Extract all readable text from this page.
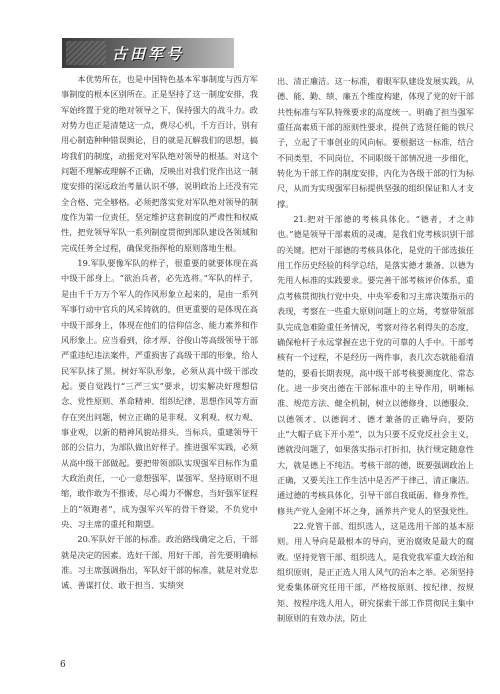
古田军号

本优势所在，也是中国特色基本军事制度与西方军事制度的根本区别所在。正是坚持了这一制度安排，我军始终置于党的绝对领导之下，保持强大的战斗力。政对势力也正是清楚这一点，费尽心机，千方百计，别有用心制造种种错误舆论，目的就是瓦解我们的思想，搞垮我们的制度，动摇党对军队绝对领导的根基。对这个问题不理解或理解不正确，反映出对我们党作出这一制度安排的深远政治考量认识不够，说明政治上还没有完全合格、完全够格。必须把落实党对军队绝对领导的制度作为第一位责任，坚定维护这套制度的严肃性和权威性，把党领导军队一系列制度贯彻到部队建设各领域和完成任务全过程，确保党指挥枪的原则落地生根。

19.军队要像军队的样子，很重要的就要体现在高中级干部身上。“欲治兵者，必先选将。”军队的样子，是由千千万万个军人的作风形象立起来的，是由一系列军事行动中官兵的风采铸就的，但更重要的是体现在高中级干部身上，体现在他们的信仰信念、能力素养和作风形象上。应当看到，徐才厚、谷俊山等高级领导干部严重违纪违法案件，严重损害了高级干部的形象，给人民军队抹了黑。树好军队形象，必须从高中级干部改起。要自觉践行“三严三实”要求，切实解决好理想信念、党性原则、革命精神、组织纪律、思想作风等方面存在突出问题，树立正确的是非观、义利观、权力观、事业观，以新的精神风貌站排头、当标兵，重建领导干部的公信力，为部队做出好样子。推进强军实践，必须从高中级干部做起。要把带领部队实现强军目标作为重大政治责任，一心一意想强军、谋强军、坚持原则不退缩，敢作敢为不推诿，尽心竭力不懈怠，当好强军征程上的“领跑者”，成为强军兴军的骨干脊梁，不负党中央、习主席的重托和期望。

20.军队好干部的标准。政治路线确定之后，干部就是决定的因素。选好干部、用好干部，首先要明确标准。习主席强调指出，军队好干部的标准，就是对党忠诚、善谋打仗、敢于担当、实绩突

出、清正廉洁。这一标准，着眼军队建设发展实践，从德、能、勤、绩、廉五个维度构建，体现了党的好干部共性标准与军队特殊要求的高度统一。明确了担当强军重任高素质干部的原则性要求，提供了选贤任能的铁尺子，立起了干事创业的风向标。要根据这一标准，结合不同类型、不同岗位、不同职级干部情况进一步细化，转化为干部工作的制度安排，内化为各级干部的行为标尺，从而为实现强军目标提供坚强的组织保证和人才支撑。

21.把对干部德的考核具体化。“德者，才之帅也。”德是领导干部素质的灵魂，是我们党考核识别干部的关键。把对干部德的考核具体化，是党的干部选拔任用工作历史经验的科学总结，是落实德才兼备、以德为先用人标准的实践要求。要完善干部考核评价体系，重点考核贯彻执行党中央、中央军委和习主席决策指示的表现，考察在一些重大原则问题上的立场，考察带领部队完成急难险重任务情况，考察对待名利得失的态度，确保枪杆子永远掌握在忠于党的可靠的人手中。干部考核有一个过程，不是经历一两件事，表几次态就能看清楚的，要看长期表现，高中级干部考核要测度化、常态化。进一步突出德在干部标准中的主导作用，明晰标准、规范方法、健全机制，树立以德修身、以德服众、以德领才、以德润才、德才兼备的正确导向，要防止“大帽子底下开小差”，以为只要不反党反社会主义，德就没问题了，如果落实指示打折扣，执行规定随意性大，就是德上不纯洁。考核干部的德，既要强调政治上正确，又要关注工作生活中是否严于律己、清正廉洁。通过德的考核具体化，引导干部自我砥砺、修身养性，修共产党人金刚不坏之身，涵养共产党人的坚强党性。

22.党管干部、组织选人，这是选用干部的基本原则。用人导向是最根本的导向，更治腐败是最大的腐败。坚持党管干部、组织选人，是我党我军重大政治和组织原则，是正正选人用人风气的治本之举。必须坚持党委集体研究任用干部，严格按原则、按纪律、按规矩、按程序选人用人，研究探索干部工作贯彻民主集中制原则的有效办法，防止

6
